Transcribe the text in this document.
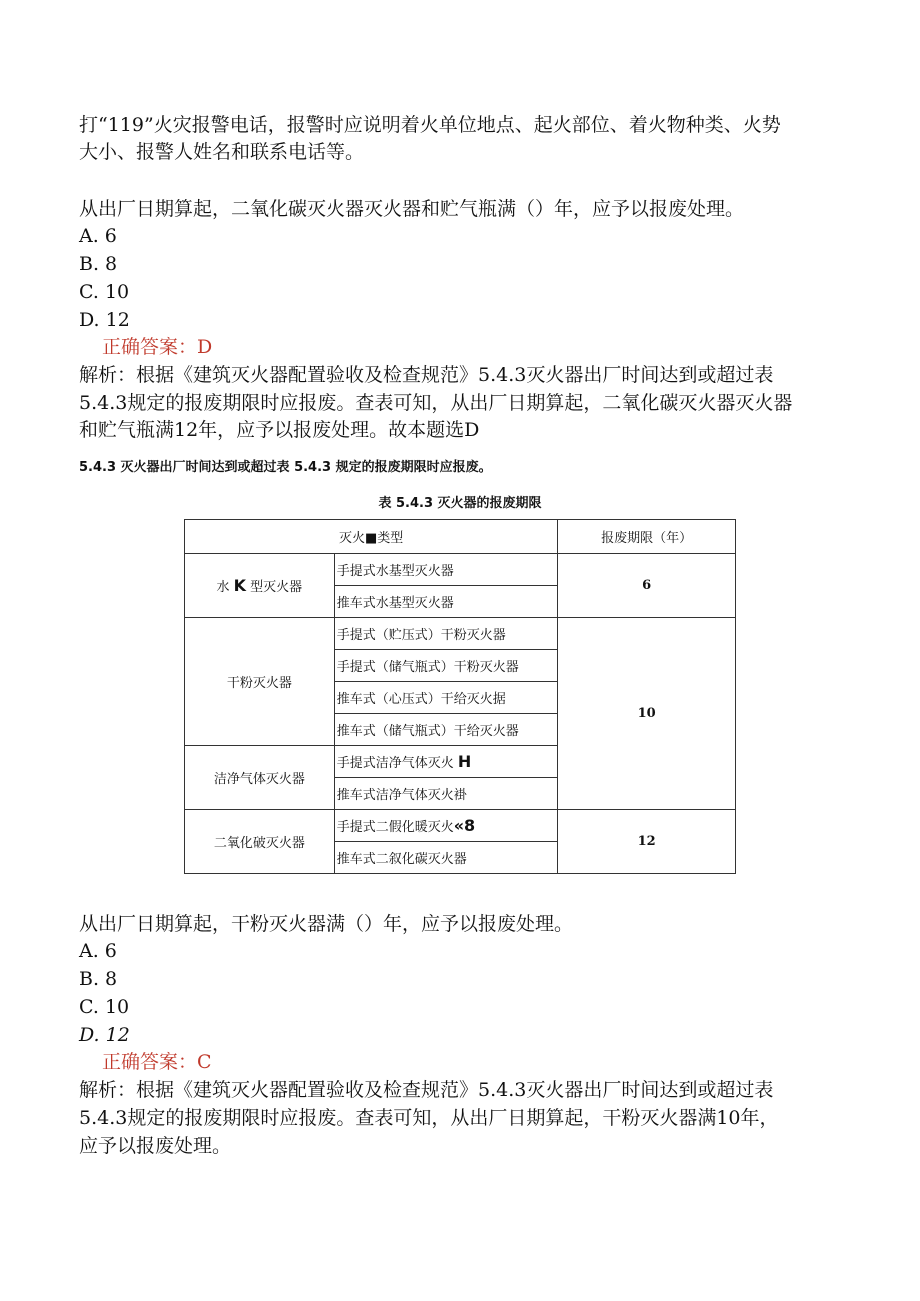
打“119”火灾报警电话，报警时应说明着火单位地点、起火部位、着火物种类、火势
大小、报警人姓名和联系电话等。
从出厂日期算起，二氧化碳灭火器灭火器和贮气瓶满（）年，应予以报废处理。
A. 6
B. 8
C. 10
D. 12
正确答案：D
解析：根据《建筑灭火器配置验收及检查规范》5.4.3灭火器出厂时间达到或超过表
5.4.3规定的报废期限时应报废。查表可知，从出厂日期算起，二氧化碳灭火器灭火器
和贮气瓶满12年，应予以报废处理。故本题选D
5.4.3 灭火器出厂时间达到或超过表 5.4.3 规定的报废期限时应报废。
表 5.4.3 灭火器的报废期限
灭火■类型		报废期限（年）
水 K 型灭火器	手提式水基型灭火器	6
	推车式水基型灭火器	
干粉灭火器	手提式（贮压式）干粉灭火器	10
	手提式（储气瓶式）干粉灭火器	
	推车式（心压式）干给灭火据	
	推车式（储气瓶式）干给灭火器	
洁净气体灭火器	手提式洁净气体灭火 H	
	推车式洁净气体灭火褂	
二氧化破灭火器	手提式二假化暖灭火«8	12
	推车式二叙化碳灭火器	
从出厂日期算起，干粉灭火器满（）年，应予以报废处理。
A. 6
B. 8
C. 10
D. 12
正确答案：C
解析：根据《建筑灭火器配置验收及检查规范》5.4.3灭火器出厂时间达到或超过表
5.4.3规定的报废期限时应报废。查表可知，从出厂日期算起，干粉灭火器满10年，
应予以报废处理。
